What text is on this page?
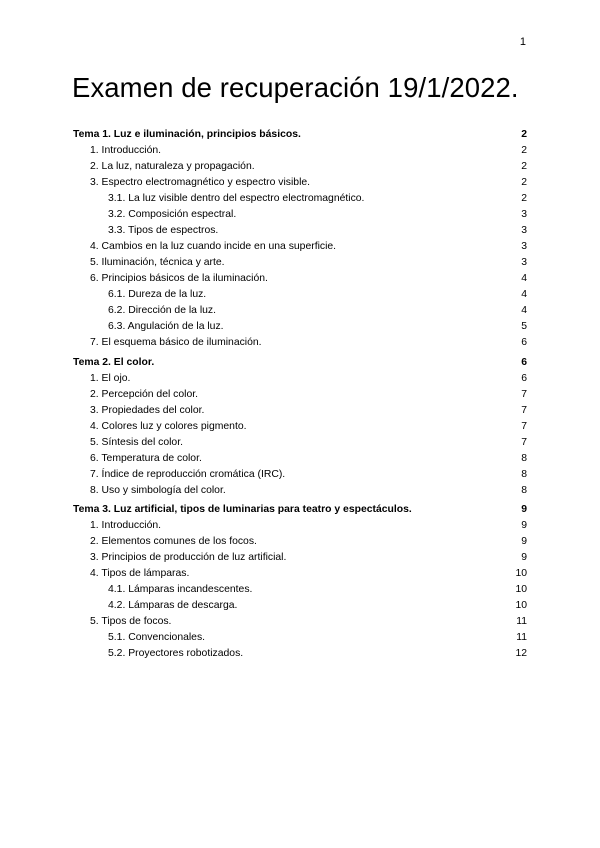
1
Examen de recuperación 19/1/2022.
Tema 1. Luz e iluminación, principios básicos.	2
1. Introducción.	2
2. La luz, naturaleza y propagación.	2
3. Espectro electromagnético y espectro visible.	2
3.1. La luz visible dentro del espectro electromagnético.	2
3.2. Composición espectral.	3
3.3. Tipos de espectros.	3
4. Cambios en la luz cuando incide en una superficie.	3
5. Iluminación, técnica y arte.	3
6. Principios básicos de la iluminación.	4
6.1. Dureza de la luz.	4
6.2. Dirección de la luz.	4
6.3. Angulación de la luz.	5
7. El esquema básico de iluminación.	6
Tema 2. El color.	6
1. El ojo.	6
2. Percepción del color.	7
3. Propiedades del color.	7
4. Colores luz y colores pigmento.	7
5. Síntesis del color.	7
6. Temperatura de color.	8
7. Índice de reproducción cromática (IRC).	8
8. Uso y simbología del color.	8
Tema 3. Luz artificial, tipos de luminarias para teatro y espectáculos.	9
1. Introducción.	9
2. Elementos comunes de los focos.	9
3. Principios de producción de luz artificial.	9
4. Tipos de lámparas.	10
4.1. Lámparas incandescentes.	10
4.2. Lámparas de descarga.	10
5. Tipos de focos.	11
5.1. Convencionales.	11
5.2. Proyectores robotizados.	12
